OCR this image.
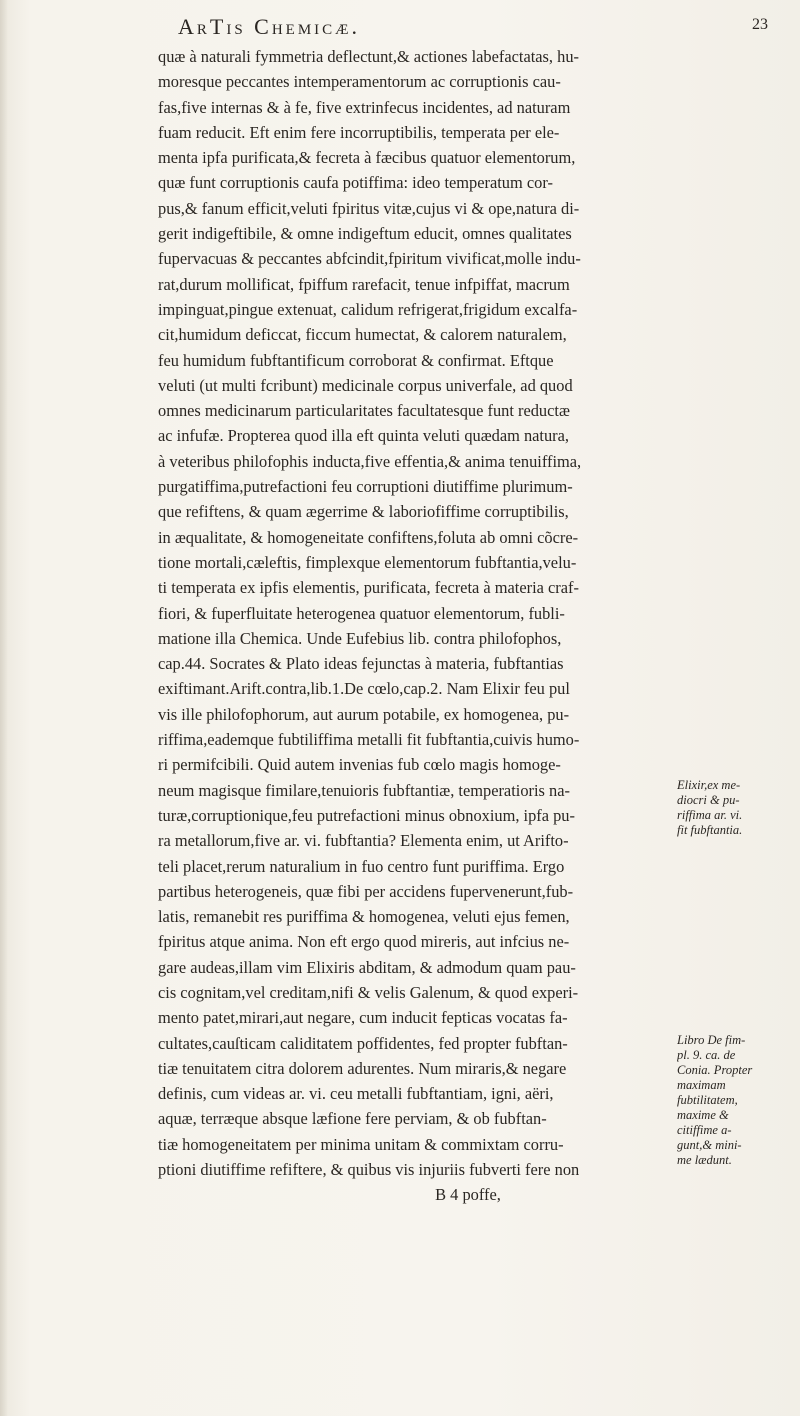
ArTis Chemicæ.	23
quæ à naturali fymmetria deflectunt,& actiones labefactatas, hu-
moresque peccantes intemperamentorum ac corruptionis cau-
fas,five internas & à fe, five extrinfecus incidentes, ad naturam
fuam reducit. Eft enim fere incorruptibilis, temperata per ele-
menta ipfa purificata,& fecreta à fæcibus quatuor elementorum,
quæ funt corruptionis caufa potiffima: ideo temperatum cor-
pus,& fanum efficit,veluti fpiritus vitæ,cujus vi & ope,natura di-
gerit indigeftibile, & omne indigeftum educit, omnes qualitates
fupervacuas & peccantes abfcindit,fpiritum vivificat,molle indu-
rat,durum mollificat, fpiffum rarefacit, tenue infpiffat, macrum
impinguat,pingue extenuat, calidum refrigerat,frigidum excalfa-
cit,humidum deficcat, ficcum humectat, & calorem naturalem,
feu humidum fubftantificum corroborat & confirmat. Eftque
veluti (ut multi fcribunt) medicinale corpus univerfale, ad quod
omnes medicinarum particularitates facultatesque funt reductæ
ac infufæ. Propterea quod illa eft quinta veluti quædam natura,
à veteribus philofophis inducta,five effentia,& anima tenuiffima,
purgatiffima,putrefactioni feu corruptioni diutiffime plurimum-
que refiftens, & quam ægerrime & laboriofiffime corruptibilis,
in æqualitate, & homogeneitate confiftens,foluta ab omni cõcre-
tione mortali,cæleftis, fimplexque elementorum fubftantia,velu-
ti temperata ex ipfis elementis, purificata, fecreta à materia craf-
fiori, & fuperfluitate heterogenea quatuor elementorum, fubli-
matione illa Chemica. Unde Eufebius lib. contra philofophos,
cap.44. Socrates & Plato ideas fejunctas à materia, fubftantias
exiftimant.Arift.contra,lib.1.De cœlo,cap.2. Nam Elixir feu pul
vis ille philofophorum, aut aurum potabile, ex homogenea, pu-
riffima,eademque fubtiliffima metalli fit fubftantia,cuivis humo-
ri permifcibili. Quid autem invenias fub cœlo magis homoge-
neum magisque fimilare,tenuioris fubftantiæ, temperatioris na-
turæ,corruptionique,feu putrefactioni minus obnoxium, ipfa pu-
ra metallorum,five ar. vi. fubftantia? Elementa enim, ut Arifto-
teli placet,rerum naturalium in fuo centro funt puriffima. Ergo
partibus heterogeneis, quæ fibi per accidens fupervenerunt,fub-
latis, remanebit res puriffima & homogenea, veluti ejus femen,
fpiritus atque anima. Non eft ergo quod mireris, aut infcius ne-
gare audeas,illam vim Elixiris abditam, & admodum quam pau-
cis cognitam,vel creditam,nifi & velis Galenum, & quod experi-
mento patet,mirari,aut negare, cum inducit fepticas vocatas fa-
cultates,cauſticam caliditatem poffidentes, fed propter fubftan-
tiæ tenuitatem citra dolorem adurentes. Num miraris,& negare
definis, cum videas ar. vi. ceu metalli fubftantiam, igni, aëri,
aquæ, terræque absque læfione fere perviam, & ob fubftan-
tiæ homogeneitatem per minima unitam & commixtam corru-
ptioni diutiffime refiftere, & quibus vis injuriis fubverti fere non
B 4 poffe,
Elixir,ex me-
diocri & pu-
riffima ar. vi.
fit fubftantia.
Libro De fim-
pl. 9. ca. de
Conia. Propter
maximam
fubtilitatem,
maxime &
citiffime a-
gunt,& mini-
me lædunt.
